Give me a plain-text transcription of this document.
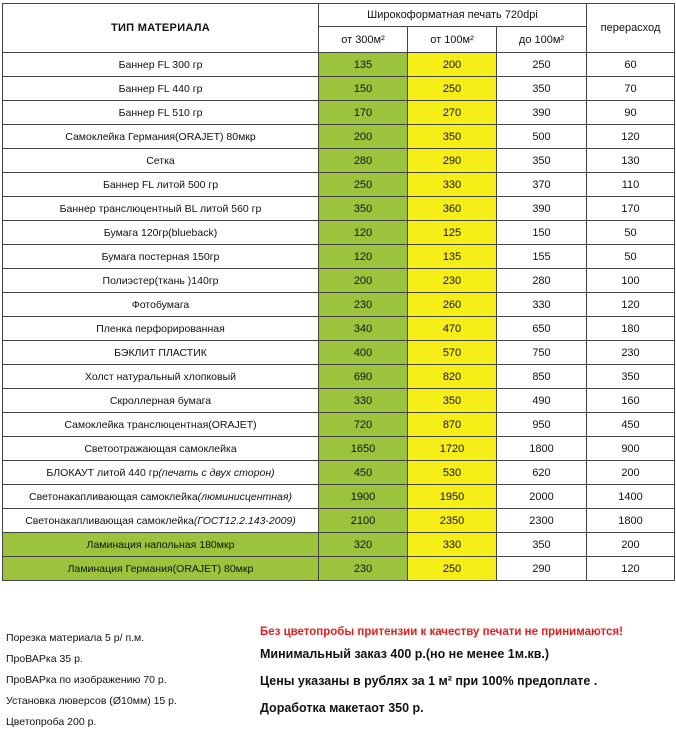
ТИП МАТЕРИАЛА	Широкоформатная печать 720dpi			перерасход
	от 300м²	от 100м²	до 100м²	
Баннер FL 300 гр	135	200	250	60
Баннер FL 440 гр	150	250	350	70
Баннер FL 510 гр	170	270	390	90
Самоклейка Германия(ORAJET) 80мкр	200	350	500	120
Сетка	280	290	350	130
Баннер FL литой 500 гр	250	330	370	110
Баннер транслюцентный BL литой 560 гр	350	360	390	170
Бумага 120гр(blueback)	120	125	150	50
Бумага постерная 150гр	120	135	155	50
Полиэстер(ткань )140гр	200	230	280	100
Фотобумага	230	260	330	120
Пленка перфорированная	340	470	650	180
БЭКЛИТ ПЛАСТИК	400	570	750	230
Холст натуральный хлопковый	690	820	850	350
Скроллерная бумага	330	350	490	160
Самоклейка транслюцентная(ORAJET)	720	870	950	450
Светоотражающая самоклейка	1650	1720	1800	900
БЛОКАУТ литой 440 гр(печать с двух сторон)	450	530	620	200
Светонакапливающая самоклейка(люминисцентная)	1900	1950	2000	1400
Светонакапливающая самоклейка(ГОСТ12.2.143-2009)	2100	2350	2300	1800
Ламинация напольная 180мкр	320	330	350	200
Ламинация Германия(ORAJET) 80мкр	230	250	290	120
Порезка материала 5 р/ п.м.
ПроВАРка 35 р.
ПроВАРка по изображению 70 р.
Установка люверсов (Ø10мм) 15 р.
Цветопроба 200 р.
Без цветопробы притензии к качеству печати не принимаются!
Минимальный заказ 400 р.(но не менее 1м.кв.)
Цены указаны в рублях за 1 м² при 100% предоплате .
Доработка макетаот 350 р.
